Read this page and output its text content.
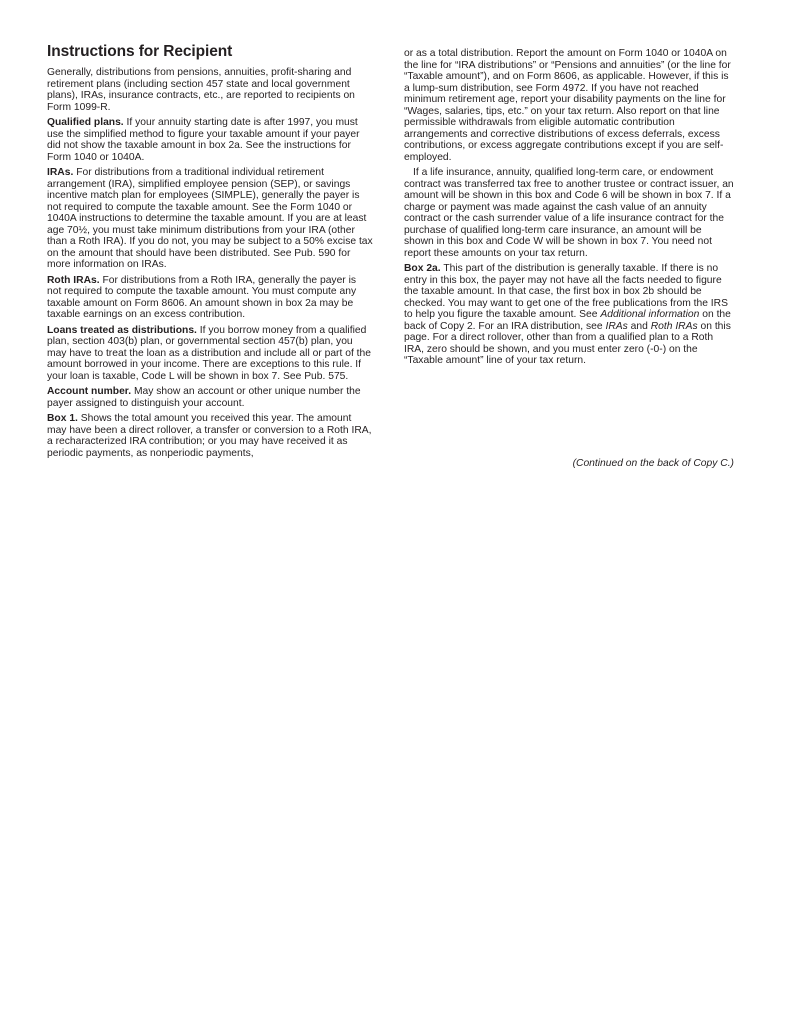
Instructions for Recipient

Generally, distributions from pensions, annuities, profit-sharing and retirement plans (including section 457 state and local government plans), IRAs, insurance contracts, etc., are reported to recipients on Form 1099-R.

Qualified plans. If your annuity starting date is after 1997, you must use the simplified method to figure your taxable amount if your payer did not show the taxable amount in box 2a. See the instructions for Form 1040 or 1040A.

IRAs. For distributions from a traditional individual retirement arrangement (IRA), simplified employee pension (SEP), or savings incentive match plan for employees (SIMPLE), generally the payer is not required to compute the taxable amount. See the Form 1040 or 1040A instructions to determine the taxable amount. If you are at least age 70½, you must take minimum distributions from your IRA (other than a Roth IRA). If you do not, you may be subject to a 50% excise tax on the amount that should have been distributed. See Pub. 590 for more information on IRAs.

Roth IRAs. For distributions from a Roth IRA, generally the payer is not required to compute the taxable amount. You must compute any taxable amount on Form 8606. An amount shown in box 2a may be taxable earnings on an excess contribution.

Loans treated as distributions. If you borrow money from a qualified plan, section 403(b) plan, or governmental section 457(b) plan, you may have to treat the loan as a distribution and include all or part of the amount borrowed in your income. There are exceptions to this rule. If your loan is taxable, Code L will be shown in box 7. See Pub. 575.

Account number. May show an account or other unique number the payer assigned to distinguish your account.

Box 1. Shows the total amount you received this year. The amount may have been a direct rollover, a transfer or conversion to a Roth IRA, a recharacterized IRA contribution; or you may have received it as periodic payments, as nonperiodic payments,

or as a total distribution. Report the amount on Form 1040 or 1040A on the line for “IRA distributions” or “Pensions and annuities” (or the line for “Taxable amount”), and on Form 8606, as applicable. However, if this is a lump-sum distribution, see Form 4972. If you have not reached minimum retirement age, report your disability payments on the line for “Wages, salaries, tips, etc.” on your tax return. Also report on that line permissible withdrawals from eligible automatic contribution arrangements and corrective distributions of excess deferrals, excess contributions, or excess aggregate contributions except if you are self-employed.

If a life insurance, annuity, qualified long-term care, or endowment contract was transferred tax free to another trustee or contract issuer, an amount will be shown in this box and Code 6 will be shown in box 7. If a charge or payment was made against the cash value of an annuity contract or the cash surrender value of a life insurance contract for the purchase of qualified long-term care insurance, an amount will be shown in this box and Code W will be shown in box 7. You need not report these amounts on your tax return.

Box 2a. This part of the distribution is generally taxable. If there is no entry in this box, the payer may not have all the facts needed to figure the taxable amount. In that case, the first box in box 2b should be checked. You may want to get one of the free publications from the IRS to help you figure the taxable amount. See Additional information on the back of Copy 2. For an IRA distribution, see IRAs and Roth IRAs on this page. For a direct rollover, other than from a qualified plan to a Roth IRA, zero should be shown, and you must enter zero (-0-) on the “Taxable amount” line of your tax return.

(Continued on the back of Copy C.)
